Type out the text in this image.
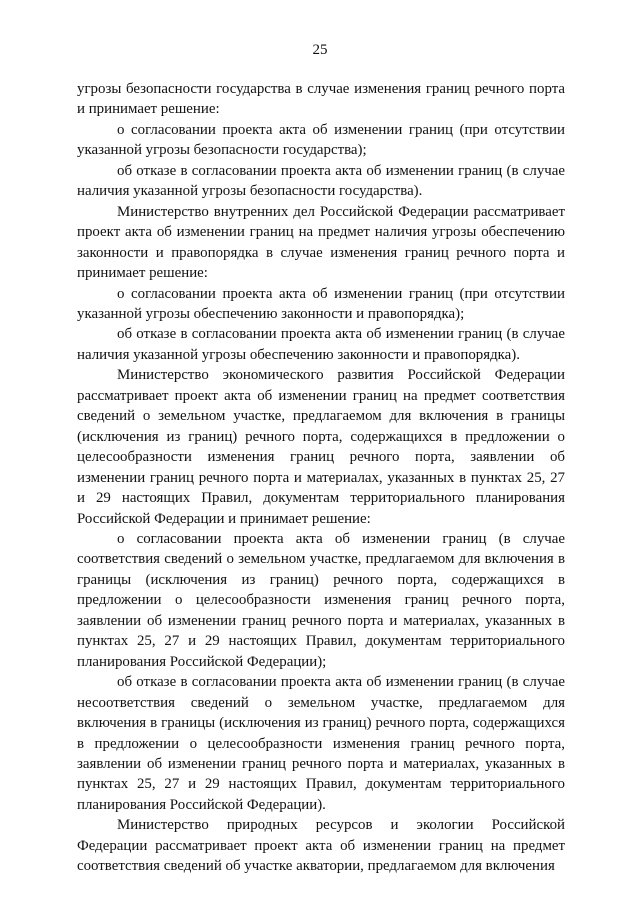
25

угрозы безопасности государства в случае изменения границ речного порта и принимает решение:

о согласовании проекта акта об изменении границ (при отсутствии указанной угрозы безопасности государства);

об отказе в согласовании проекта акта об изменении границ (в случае наличия указанной угрозы безопасности государства).

Министерство внутренних дел Российской Федерации рассматривает проект акта об изменении границ на предмет наличия угрозы обеспечению законности и правопорядка в случае изменения границ речного порта и принимает решение:

о согласовании проекта акта об изменении границ (при отсутствии указанной угрозы обеспечению законности и правопорядка);

об отказе в согласовании проекта акта об изменении границ (в случае наличия указанной угрозы обеспечению законности и правопорядка).

Министерство экономического развития Российской Федерации рассматривает проект акта об изменении границ на предмет соответствия сведений о земельном участке, предлагаемом для включения в границы (исключения из границ) речного порта, содержащихся в предложении о целесообразности изменения границ речного порта, заявлении об изменении границ речного порта и материалах, указанных в пунктах 25, 27 и 29 настоящих Правил, документам территориального планирования Российской Федерации и принимает решение:

о согласовании проекта акта об изменении границ (в случае соответствия сведений о земельном участке, предлагаемом для включения в границы (исключения из границ) речного порта, содержащихся в предложении о целесообразности изменения границ речного порта, заявлении об изменении границ речного порта и материалах, указанных в пунктах 25, 27 и 29 настоящих Правил, документам территориального планирования Российской Федерации);

об отказе в согласовании проекта акта об изменении границ (в случае несоответствия сведений о земельном участке, предлагаемом для включения в границы (исключения из границ) речного порта, содержащихся в предложении о целесообразности изменения границ речного порта, заявлении об изменении границ речного порта и материалах, указанных в пунктах 25, 27 и 29 настоящих Правил, документам территориального планирования Российской Федерации).

Министерство природных ресурсов и экологии Российской Федерации рассматривает проект акта об изменении границ на предмет соответствия сведений об участке акватории, предлагаемом для включения
